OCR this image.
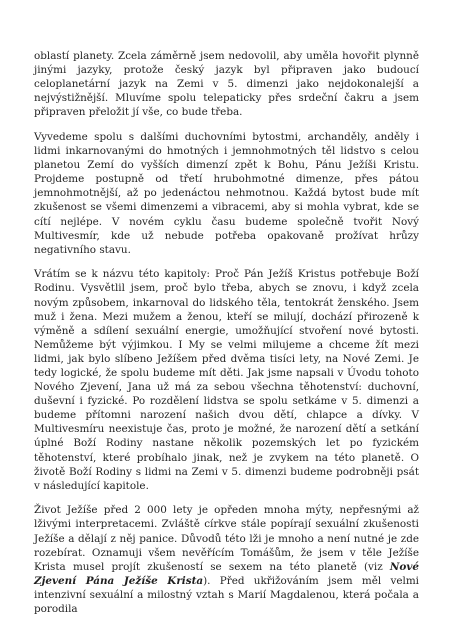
oblastí planety. Zcela záměrně jsem nedovolil, aby uměla hovořit plynně jinými jazyky, protože český jazyk byl připraven jako budoucí celoplanetární jazyk na Zemi v 5. dimenzi jako nejdokonalejší a nejvýstižnější. Mluvíme spolu telepaticky přes srdeční čakru a jsem připraven přeložit jí vše, co bude třeba.

Vyvedeme spolu s dalšími duchovními bytostmi, archanděly, anděly i lidmi inkarnovanými do hmotných i jemnohmotných těl lidstvo s celou planetou Zemí do vyšších dimenzí zpět k Bohu, Pánu Ježíši Kristu. Projdeme postupně od třetí hrubohmotné dimenze, přes pátou jemnohmotnější, až po jedenáctou nehmotnou. Každá bytost bude mít zkušenost se všemi dimenzemi a vibracemi, aby si mohla vybrat, kde se cítí nejlépe. V novém cyklu času budeme společně tvořit Nový Multivesmír, kde už nebude potřeba opakovaně prožívat hrůzy negativního stavu.

Vrátím se k názvu této kapitoly: Proč Pán Ježíš Kristus potřebuje Boží Rodinu. Vysvětlil jsem, proč bylo třeba, abych se znovu, i když zcela novým způsobem, inkarnoval do lidského těla, tentokrát ženského. Jsem muž i žena. Mezi mužem a ženou, kteří se milují, dochází přirozeně k výměně a sdílení sexuální energie, umožňující stvoření nové bytosti. Nemůžeme být výjimkou. I My se velmi milujeme a chceme žít mezi lidmi, jak bylo slíbeno Ježíšem před dvěma tisíci lety, na Nové Zemi. Je tedy logické, že spolu budeme mít děti. Jak jsme napsali v Úvodu tohoto Nového Zjevení, Jana už má za sebou všechna těhotenství: duchovní, duševní i fyzické. Po rozdělení lidstva se spolu setkáme v 5. dimenzi a budeme přítomni narození našich dvou dětí, chlapce a dívky. V Multivesmíru neexistuje čas, proto je možné, že narození dětí a setkání úplné Boží Rodiny nastane několik pozemských let po fyzickém těhotenství, které probíhalo jinak, než je zvykem na této planetě. O životě Boží Rodiny s lidmi na Zemi v 5. dimenzi budeme podrobněji psát v následující kapitole.

Život Ježíše před 2 000 lety je opředen mnoha mýty, nepřesnými až lživými interpretacemi. Zvláště církve stále popírají sexuální zkušenosti Ježíše a dělají z něj panice. Důvodů této lži je mnoho a není nutné je zde rozebírat. Oznamuji všem nevěřícím Tomášům, že jsem v těle Ježíše Krista musel projít zkušeností se sexem na této planetě (viz Nové Zjevení Pána Ježíše Krista). Před ukřižováním jsem měl velmi intenzivní sexuální a milostný vztah s Marií Magdalenou, která počala a porodila
